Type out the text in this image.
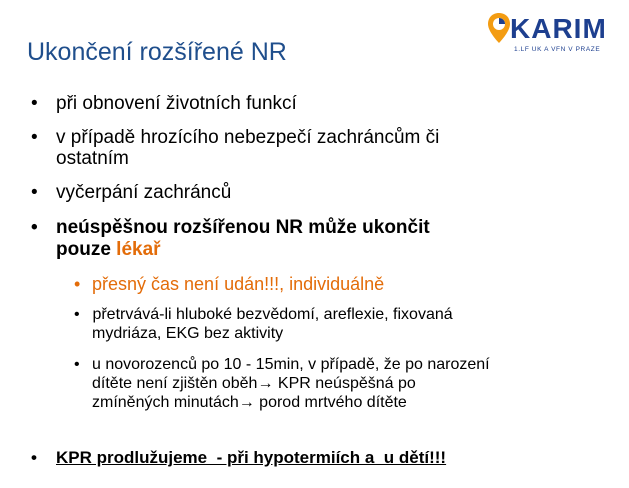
Ukončení rozšířené NR
KARIM
1.LF UK A VFN V PRAZE
• při obnovení životních funkcí
• v případě hrozícího nebezpečí zachráncům či
ostatním
• vyčerpání zachránců
• neúspěšnou rozšířenou NR může ukončit
pouze lékař
• přesný čas není udán!!!, individuálně
• přetrvává-li hluboké bezvědomí, areflexie, fixovaná
mydriáza, EKG bez aktivity
• u novorozenců po 10 - 15min, v případě, že po narození
dítěte není zjištěn oběh→ KPR neúspěšná po
zmíněných minutách→ porod mrtvého dítěte
• KPR prodlužujeme  - při hypotermiích a  u dětí!!!
